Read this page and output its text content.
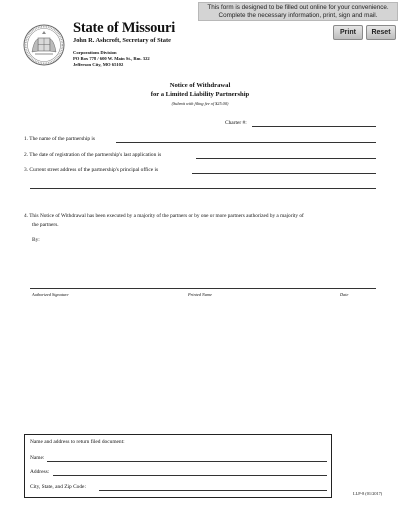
This form is designed to be filled out online for your convenience.
Complete the necessary information, print, sign and mail.
Print	Reset
State of Missouri
John R. Ashcroft, Secretary of State
Corporations Division
PO Box 778 / 600 W. Main St., Rm. 322
Jefferson City, MO 65102
Notice of Withdrawal
for a Limited Liability Partnership
(Submit with filing fee of $25.00)
Charter #:
1. The name of the partnership is
2. The date of registration of the partnership's last application is
3. Current street address of the partnership's principal office is
4. This Notice of Withdrawal has been executed by a majority of the partners or by one or more partners authorized by a majority of
the partners.
By:
Authorized Signature	Printed Name	Date
Name and address to return filed document:
Name:
Address:
City, State, and Zip Code:
LLP-8 (01/2017)
